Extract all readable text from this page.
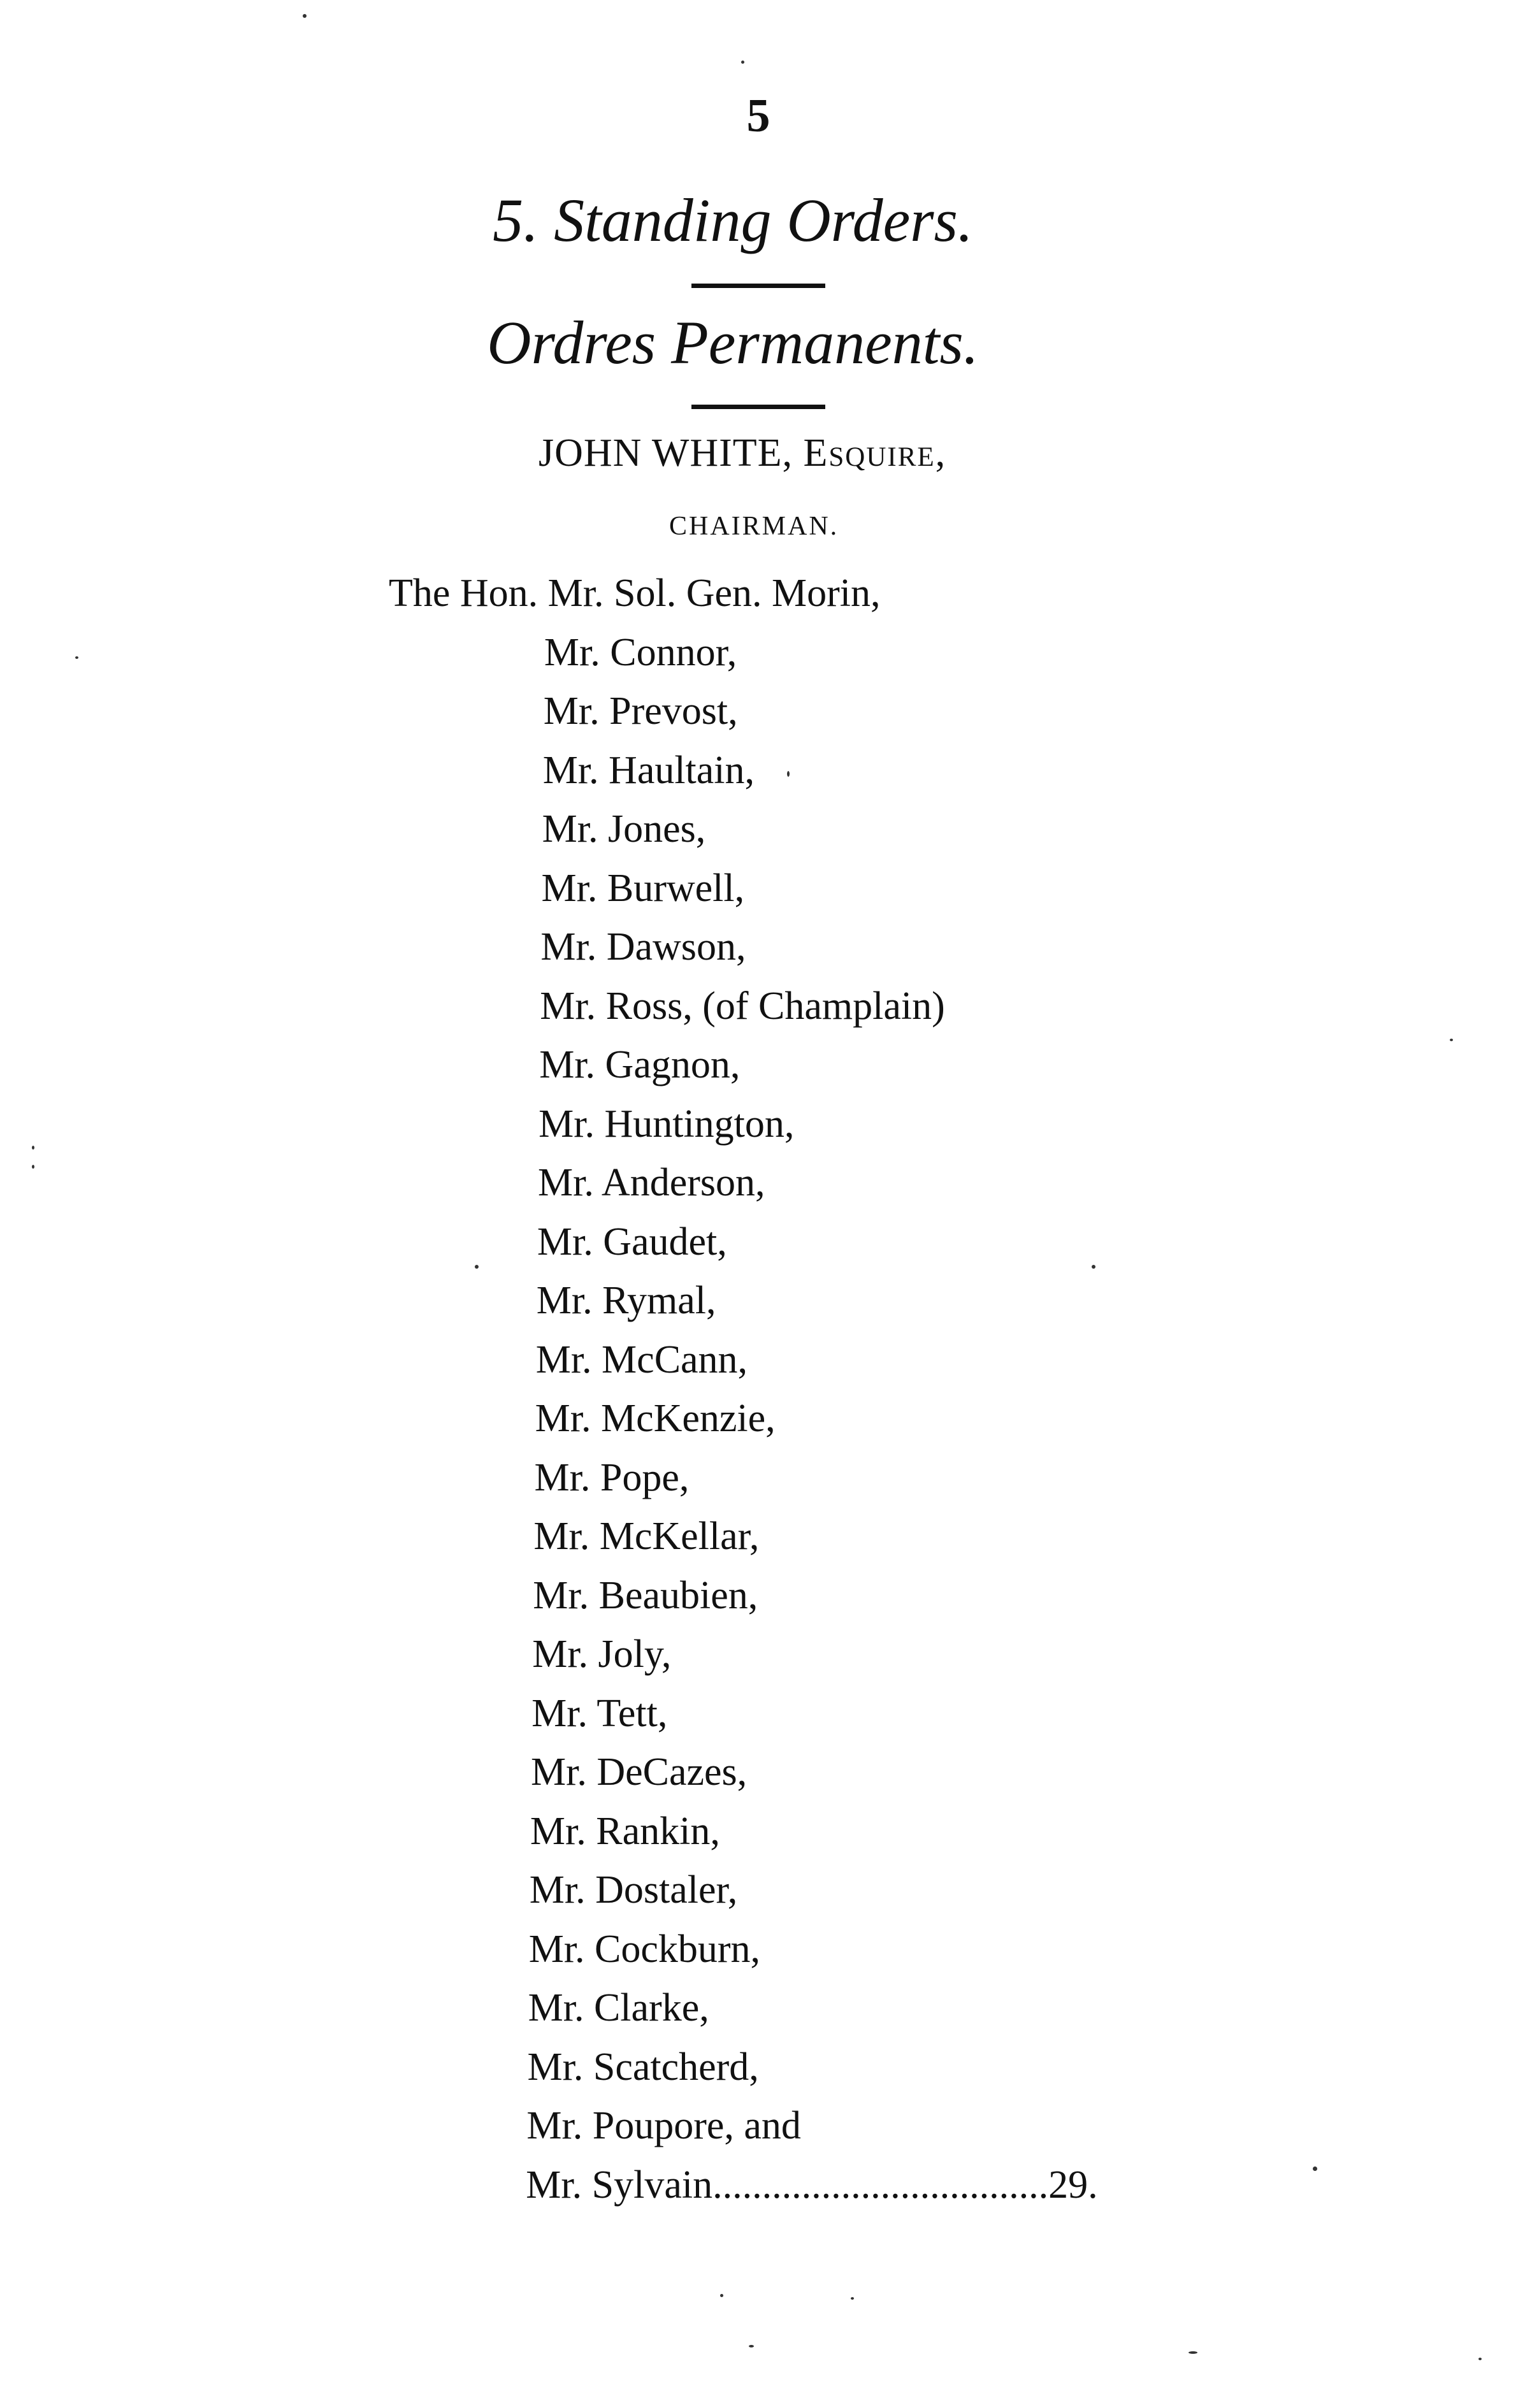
5
5. Standing Orders.
Ordres Permanents.
JOHN WHITE, Esquire,
CHAIRMAN.
The Hon. Mr. Sol. Gen. Morin,
Mr. Connor,
Mr. Prevost,
Mr. Haultain,
Mr. Jones,
Mr. Burwell,
Mr. Dawson,
Mr. Ross, (of Champlain)
Mr. Gagnon,
Mr. Huntington,
Mr. Anderson,
Mr. Gaudet,
Mr. Rymal,
Mr. McCann,
Mr. McKenzie,
Mr. Pope,
Mr. McKellar,
Mr. Beaubien,
Mr. Joly,
Mr. Tett,
Mr. DeCazes,
Mr. Rankin,
Mr. Dostaler,
Mr. Cockburn,
Mr. Clarke,
Mr. Scatcherd,
Mr. Poupore, and
Mr. Sylvain..................................29.
